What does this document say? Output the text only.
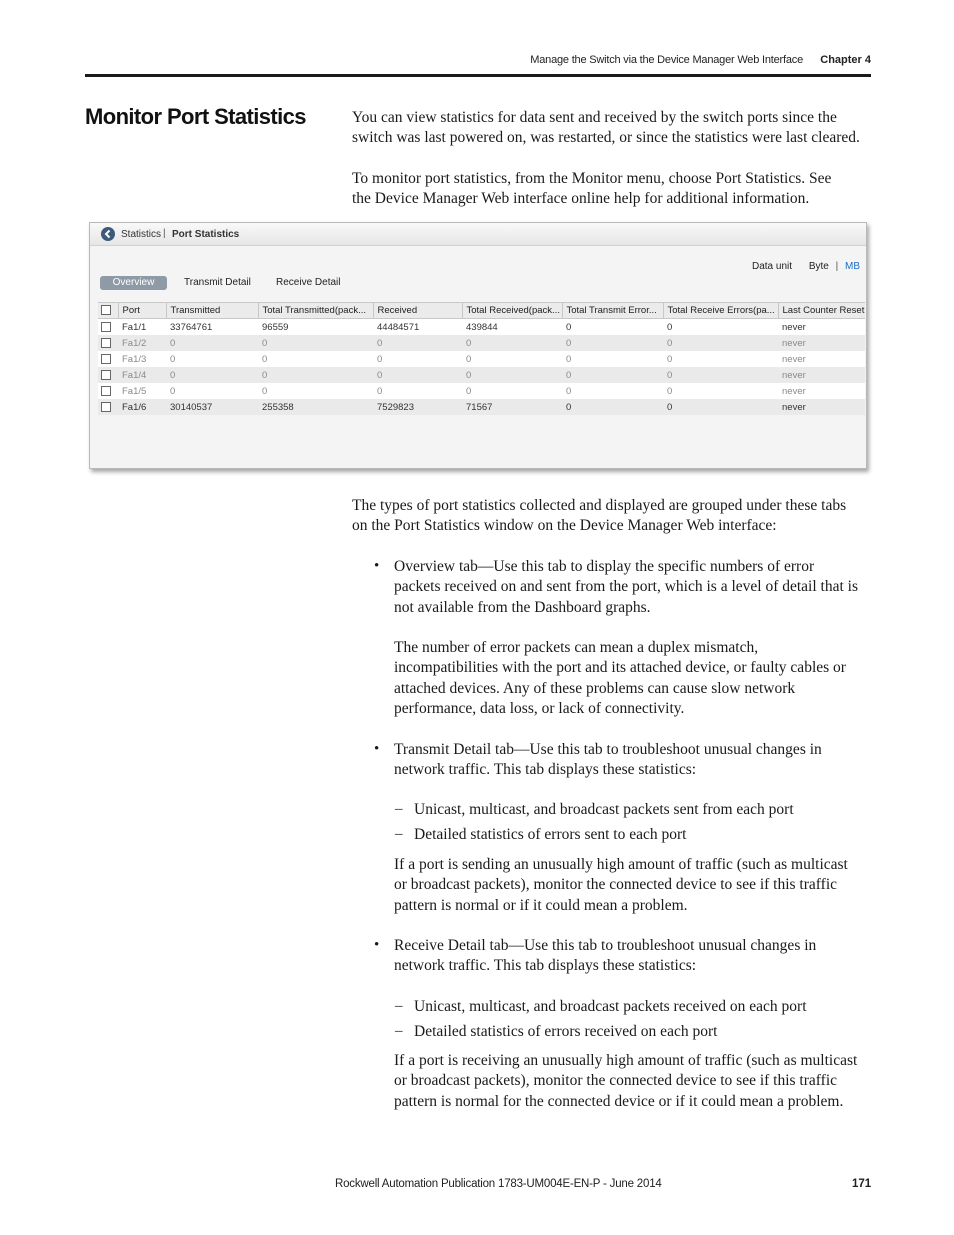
Manage the Switch via the Device Manager Web Interface Chapter 4
Monitor Port Statistics	You can view statistics for data sent and received by the switch ports since the
switch was last powered on, was restarted, or since the statistics were last cleared.
To monitor port statistics, from the Monitor menu, choose Port Statistics. See
the Device Manager Web interface online help for additional information.
Statistics | Port Statistics
Data unit Byte | MB
Overview	Transmit Detail	Receive Detail
	Port	Transmitted	Total Transmitted(pack...	Received	Total Received(pack...	Total Transmit Error...	Total Receive Errors(pa...	Last Counter Reset
	Fa1/1	33764761	96559	44484571	439844	0	0	never
	Fa1/2	0	0	0	0	0	0	never
	Fa1/3	0	0	0	0	0	0	never
	Fa1/4	0	0	0	0	0	0	never
	Fa1/5	0	0	0	0	0	0	never
	Fa1/6	30140537	255358	7529823	71567	0	0	never
The types of port statistics collected and displayed are grouped under these tabs
on the Port Statistics window on the Device Manager Web interface:
• Overview tab—Use this tab to display the specific numbers of error
packets received on and sent from the port, which is a level of detail that is
not available from the Dashboard graphs.
The number of error packets can mean a duplex mismatch,
incompatibilities with the port and its attached device, or faulty cables or
attached devices. Any of these problems can cause slow network
performance, data loss, or lack of connectivity.
• Transmit Detail tab—Use this tab to troubleshoot unusual changes in
network traffic. This tab displays these statistics:
– Unicast, multicast, and broadcast packets sent from each port
– Detailed statistics of errors sent to each port
If a port is sending an unusually high amount of traffic (such as multicast
or broadcast packets), monitor the connected device to see if this traffic
pattern is normal or if it could mean a problem.
• Receive Detail tab—Use this tab to troubleshoot unusual changes in
network traffic. This tab displays these statistics:
– Unicast, multicast, and broadcast packets received on each port
– Detailed statistics of errors received on each port
If a port is receiving an unusually high amount of traffic (such as multicast
or broadcast packets), monitor the connected device to see if this traffic
pattern is normal for the connected device or if it could mean a problem.
Rockwell Automation Publication 1783-UM004E-EN-P - June 2014	171
